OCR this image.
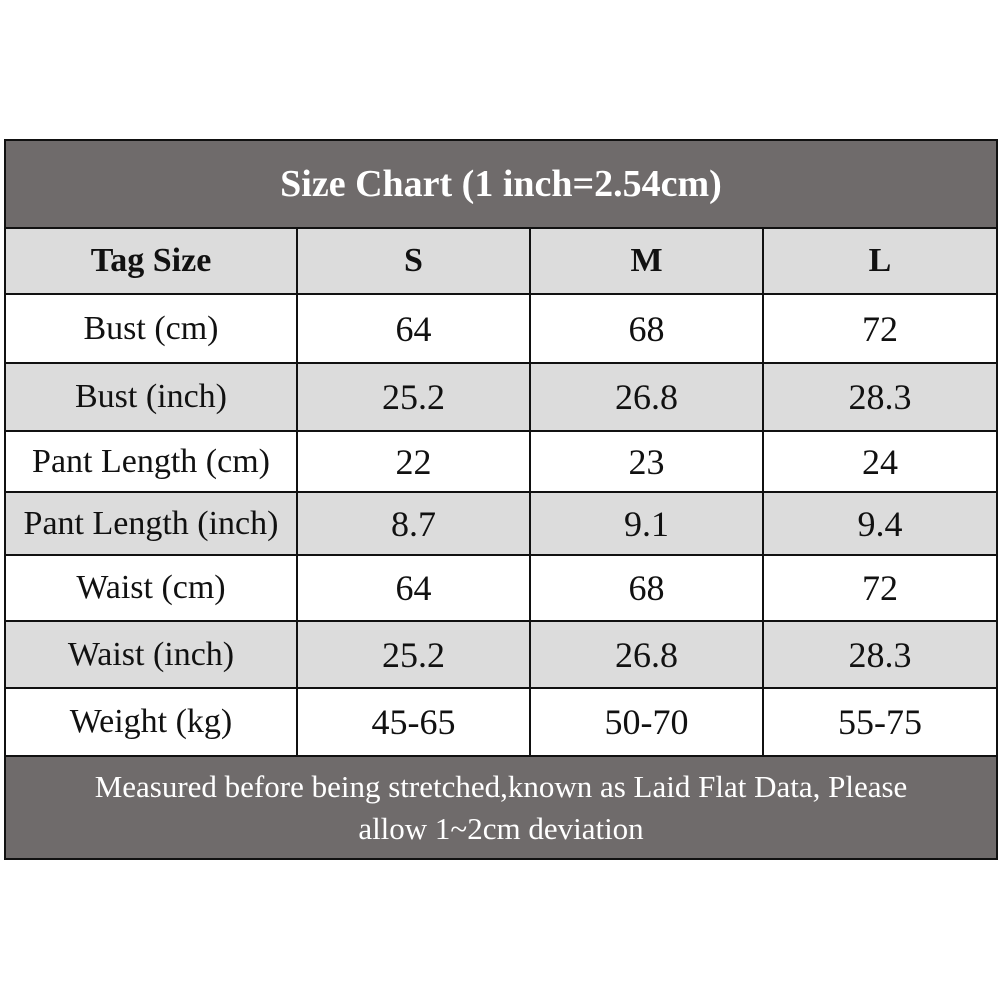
Size Chart (1 inch=2.54cm)
Tag Size	S	M	L
Bust (cm)	64	68	72
Bust (inch)	25.2	26.8	28.3
Pant Length (cm)	22	23	24
Pant Length (inch)	8.7	9.1	9.4
Waist (cm)	64	68	72
Waist (inch)	25.2	26.8	28.3
Weight (kg)	45-65	50-70	55-75
Measured before being stretched,known as Laid Flat Data, Please
allow 1~2cm deviation
